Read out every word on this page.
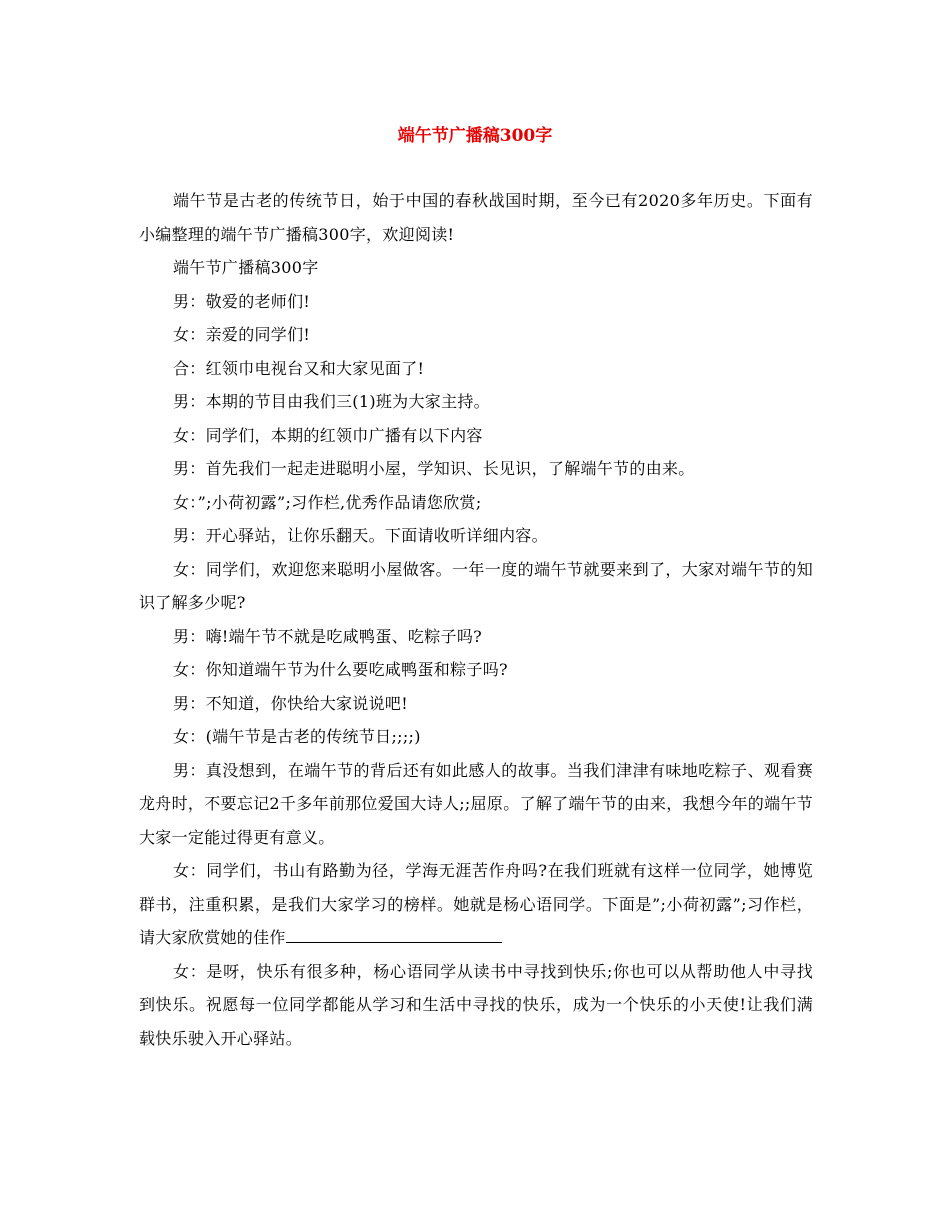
端午节广播稿300字

端午节是古老的传统节日，始于中国的春秋战国时期，至今已有2020多年历史。下面有小编整理的端午节广播稿300字，欢迎阅读!

端午节广播稿300字

男：敬爱的老师们!

女：亲爱的同学们!

合：红领巾电视台又和大家见面了!

男：本期的节目由我们三(1)班为大家主持。

女：同学们，本期的红领巾广播有以下内容

男：首先我们一起走进聪明小屋，学知识、长见识，了解端午节的由来。

女：”;小荷初露”;习作栏,优秀作品请您欣赏;

男：开心驿站，让你乐翻天。下面请收听详细内容。

女：同学们，欢迎您来聪明小屋做客。一年一度的端午节就要来到了，大家对端午节的知识了解多少呢?

男：嗨!端午节不就是吃咸鸭蛋、吃粽子吗?

女：你知道端午节为什么要吃咸鸭蛋和粽子吗?

男：不知道，你快给大家说说吧!

女：(端午节是古老的传统节日;;;;)

男：真没想到，在端午节的背后还有如此感人的故事。当我们津津有味地吃粽子、观看赛龙舟时，不要忘记2千多年前那位爱国大诗人;;屈原。了解了端午节的由来，我想今年的端午节大家一定能过得更有意义。

女：同学们，书山有路勤为径，学海无涯苦作舟吗?在我们班就有这样一位同学，她博览群书，注重积累，是我们大家学习的榜样。她就是杨心语同学。下面是”;小荷初露”;习作栏，请大家欣赏她的佳作

女：是呀，快乐有很多种，杨心语同学从读书中寻找到快乐;你也可以从帮助他人中寻找到快乐。祝愿每一位同学都能从学习和生活中寻找的快乐，成为一个快乐的小天使!让我们满载快乐驶入开心驿站。
